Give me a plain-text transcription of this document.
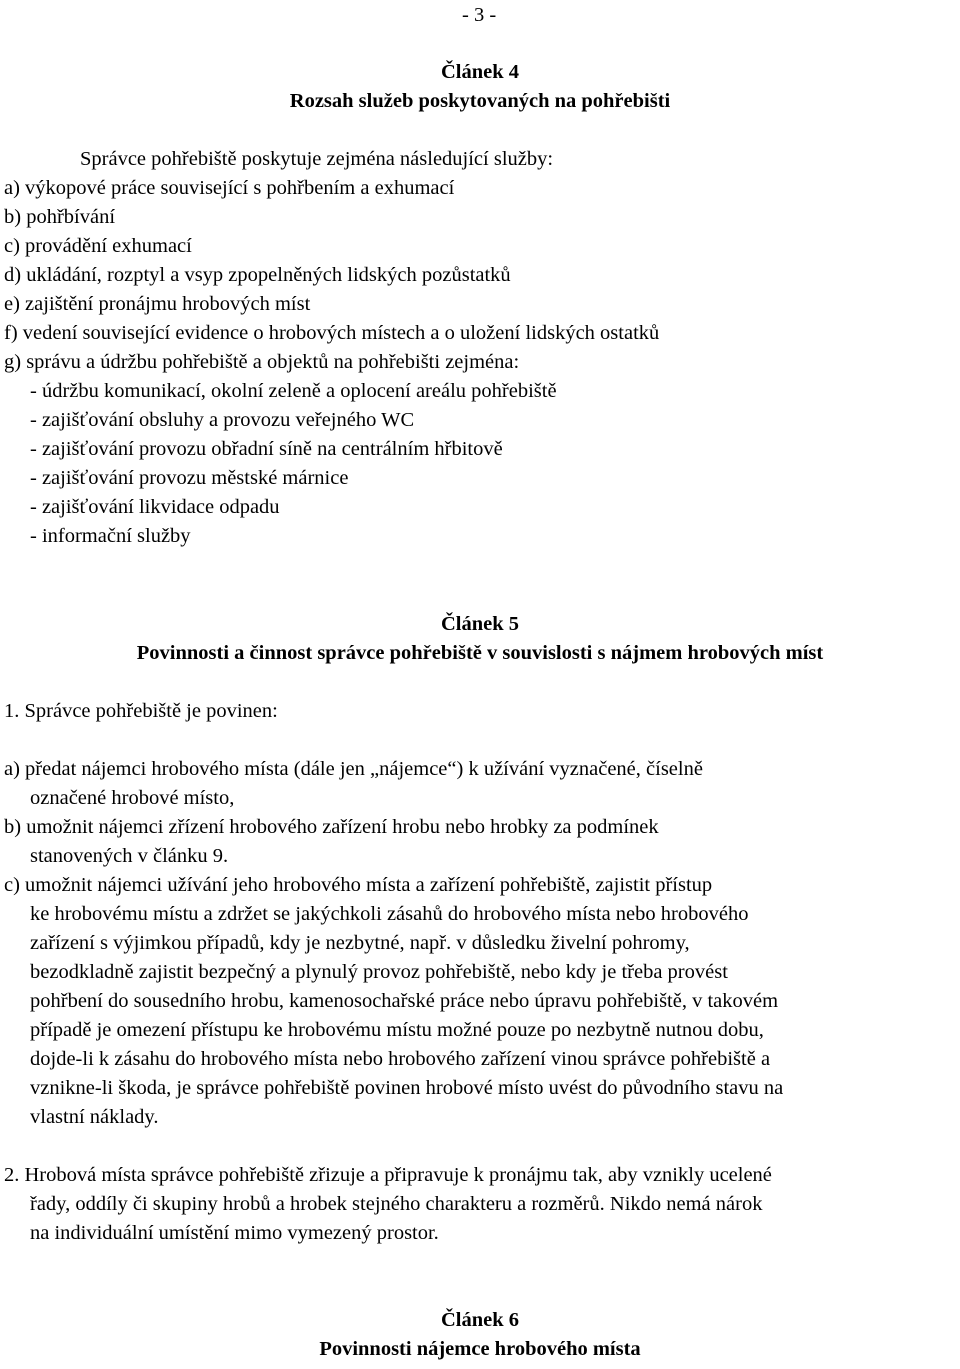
- 3 -
Článek 4
Rozsah služeb poskytovaných na pohřebišti
Správce pohřebiště poskytuje zejména následující služby:
a) výkopové práce související s pohřbením a exhumací
b) pohřbívání
c) provádění exhumací
d) ukládání, rozptyl a vsyp zpopelněných lidských pozůstatků
e) zajištění pronájmu hrobových míst
f) vedení související evidence o hrobových místech a o uložení lidských ostatků
g) správu a údržbu pohřebiště a objektů na pohřebišti zejména:
- údržbu komunikací, okolní zeleně a oplocení areálu pohřebiště
- zajišťování obsluhy a provozu veřejného WC
- zajišťování provozu obřadní síně na centrálním hřbitově
- zajišťování provozu městské márnice
- zajišťování likvidace odpadu
- informační služby
Článek 5
Povinnosti a činnost správce pohřebiště v souvislosti s nájmem hrobových míst
1. Správce pohřebiště je povinen:
a) předat nájemci hrobového místa (dále jen „nájemce“) k užívání vyznačené, číselně
označené hrobové místo,
b) umožnit nájemci zřízení hrobového zařízení hrobu nebo hrobky za podmínek
stanovených v článku 9.
c) umožnit nájemci užívání jeho hrobového místa a zařízení pohřebiště, zajistit přístup
ke hrobovému místu a zdržet se jakýchkoli zásahů do hrobového místa nebo hrobového
zařízení s výjimkou případů, kdy je nezbytné, např. v důsledku živelní pohromy,
bezodkladně zajistit bezpečný a plynulý provoz pohřebiště, nebo kdy je třeba provést
pohřbení do sousedního hrobu, kamenosochařské práce nebo úpravu pohřebiště, v takovém
případě je omezení přístupu ke hrobovému místu možné pouze po nezbytně nutnou dobu,
dojde-li k zásahu do hrobového místa nebo hrobového zařízení vinou správce pohřebiště a
vznikne-li škoda, je správce pohřebiště povinen hrobové místo uvést do původního stavu na
vlastní náklady.
2. Hrobová místa správce pohřebiště zřizuje a připravuje k pronájmu tak, aby vznikly ucelené
řady, oddíly či skupiny hrobů a hrobek stejného charakteru a rozměrů. Nikdo nemá nárok
na individuální umístění mimo vymezený prostor.
Článek 6
Povinnosti nájemce hrobového místa
